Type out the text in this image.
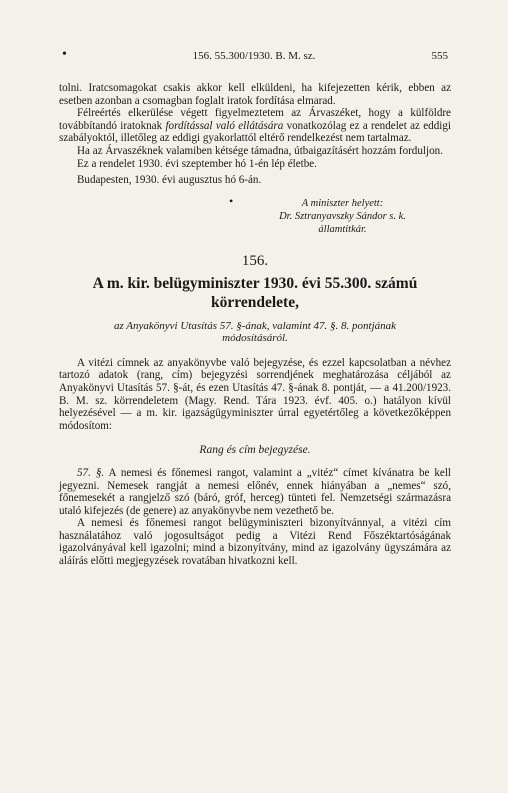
•	156. 55.300/1930. B. M. sz.	555

tolni. Iratcsomagokat csakis akkor kell elküldeni, ha kifejezetten kérik, ebben az esetben azonban a csomagban foglalt iratok fordítása elmarad.

Félreértés elkerülése végett figyelmeztetem az Árvaszéket, hogy a külföldre továbbítandó iratoknak fordítással való ellátására vonatkozólag ez a rendelet az eddigi szabályoktól, illetőleg az eddigi gyakorlattól eltérő rendelkezést nem tartalmaz.

Ha az Árvaszéknek valamiben kétsége támadna, útbaigazításért hozzám forduljon.

Ez a rendelet 1930. évi szeptember hó 1-én lép életbe.

Budapesten, 1930. évi augusztus hó 6-án.

•	A miniszter helyett:
Dr. Sztranyavszky Sándor s. k.
államtitkár.

156.

A m. kir. belügyminiszter 1930. évi 55.300. számú

körrendelete,

az Anyakönyvi Utasítás 57. §-ának, valamint 47. §. 8. pontjának

módosításáról.

A vitézi címnek az anyakönyvbe való bejegyzése, és ezzel kapcsolatban a névhez tartozó adatok (rang, cím) bejegyzési sorrendjének meghatározása céljából az Anyakönyvi Utasítás 57. §-át, és ezen Utasítás 47. §-ának 8. pontját, — a 41.200/1923. B. M. sz. körrendeletem (Magy. Rend. Tára 1923. évf. 405. o.) hatályon kívül helyezésével — a m. kir. igazságügyminiszter úrral egyetértőleg a következőképpen módosítom:

Rang és cím bejegyzése.

57. §. A nemesi és főnemesi rangot, valamint a „vitéz“ címet kívánatra be kell jegyezni. Nemesek rangját a nemesi előnév, ennek hiányában a „nemes“ szó, főnemesekét a rangjelző szó (báró, gróf, herceg) tünteti fel. Nemzetségi származásra utaló kifejezés (de genere) az anyakönyvbe nem vezethető be.

A nemesi és főnemesi rangot belügyminiszteri bizonyítvánnyal, a vitézi cím használatához való jogosultságot pedig a Vitézi Rend Főszéktartóságának igazolványával kell igazolni; mind a bizonyítvány, mind az igazolvány ügyszámára az aláírás előtti megjegyzések rovatában hivatkozni kell.
